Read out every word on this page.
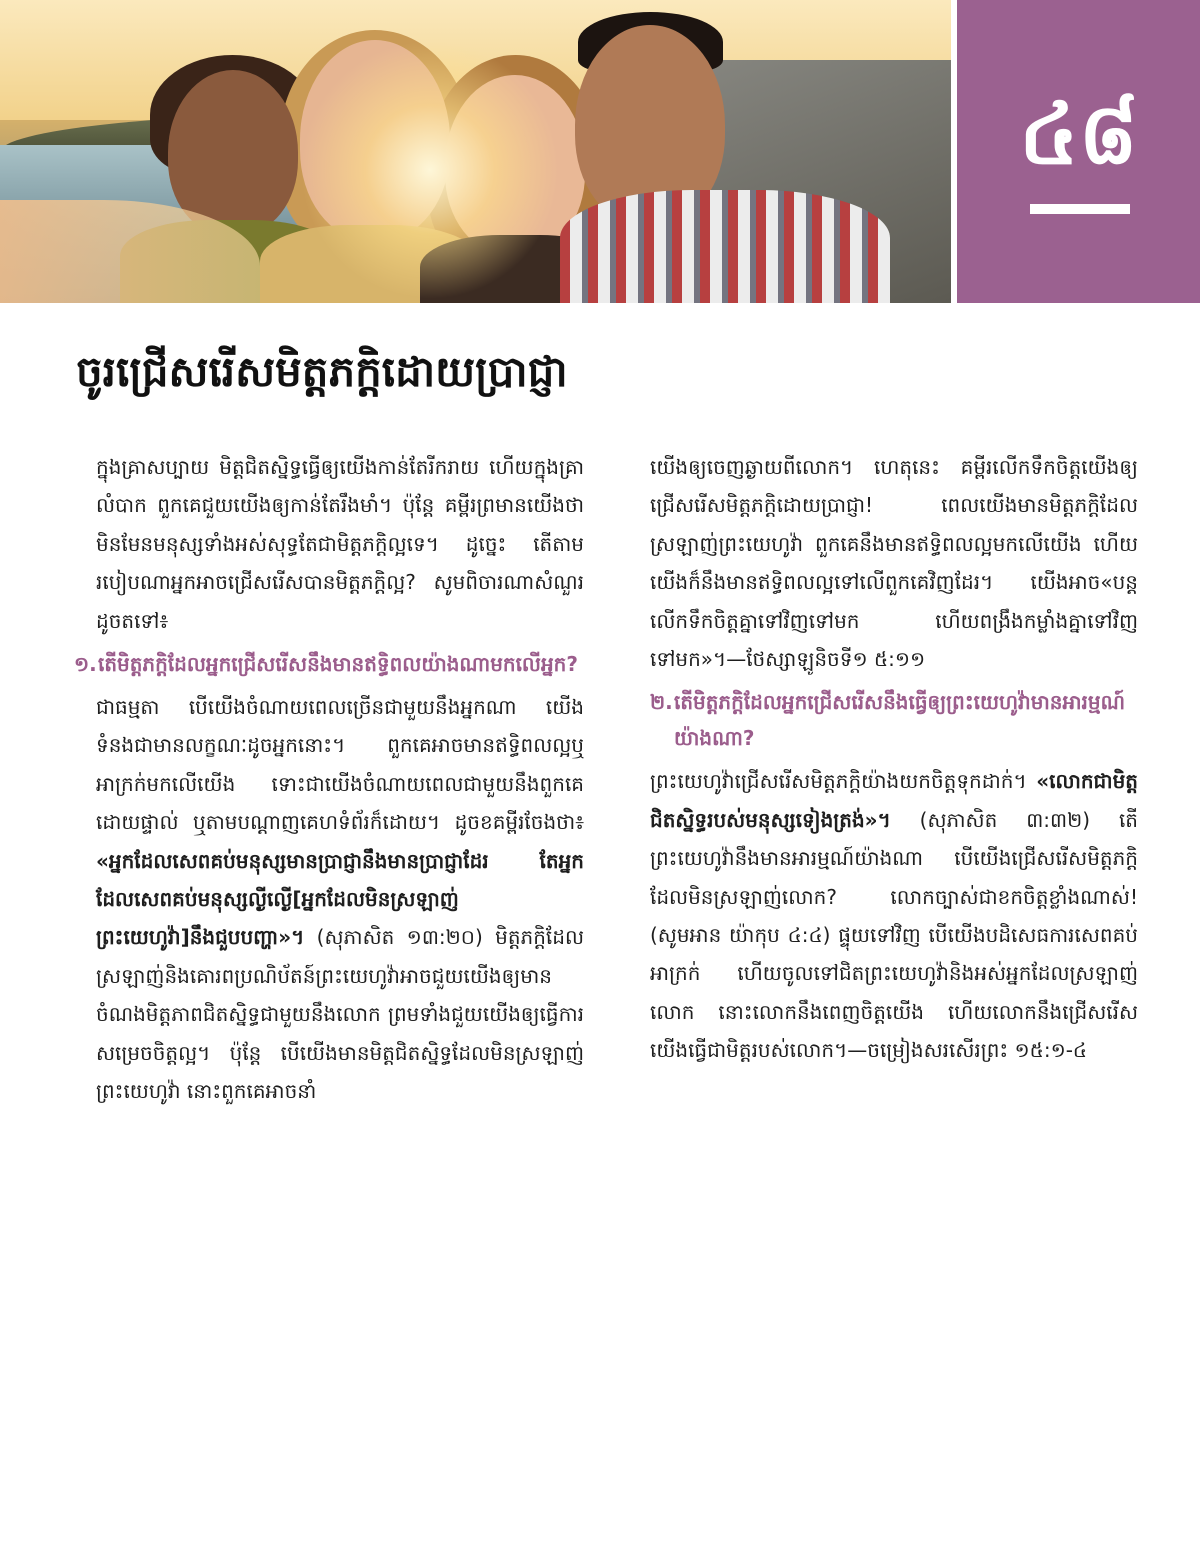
៤៨
ចូរជ្រើសរើសមិត្តភក្ដិដោយប្រាជ្ញា

ក្នុងគ្រាសប្បាយ មិត្តជិតស្និទ្ធធ្វើឲ្យយើងកាន់តែរីករាយ ហើយក្នុងគ្រាលំបាក ពួកគេជួយយើងឲ្យកាន់តែរឹងមាំ។ ប៉ុន្តែ គម្ពីរព្រមានយើងថាមិនមែនមនុស្សទាំងអស់សុទ្ធតែជាមិត្តភក្ដិល្អទេ។ ដូច្នេះ តើតាមរបៀបណាអ្នកអាចជ្រើសរើសបានមិត្តភក្ដិល្អ? សូមពិចារណាសំណួរដូចតទៅ៖

១. តើមិត្តភក្ដិដែលអ្នកជ្រើសរើសនឹងមានឥទ្ធិពលយ៉ាងណាមកលើអ្នក?

ជាធម្មតា បើយើងចំណាយពេលច្រើនជាមួយនឹងអ្នកណា យើងទំនងជាមានលក្ខណៈដូចអ្នកនោះ។ ពួកគេអាចមានឥទ្ធិពលល្អឬអាក្រក់មកលើយើង ទោះជាយើងចំណាយពេលជាមួយនឹងពួកគេដោយផ្ទាល់ ឬតាមបណ្ដាញគេហទំព័រក៏ដោយ។ ដូចខគម្ពីរចែងថា៖ «អ្នកដែលសេពគប់មនុស្សមានប្រាជ្ញានឹងមានប្រាជ្ញាដែរ តែអ្នកដែលសេពគប់មនុស្សល្ងីល្ងើ[អ្នកដែលមិនស្រឡាញ់ព្រះយេហូវ៉ា]នឹងជួបបញ្ហា»។ (សុភាសិត ១៣:២០) មិត្តភក្ដិដែលស្រឡាញ់និងគោរពប្រណិប័តន៍ព្រះយេហូវ៉ាអាចជួយយើងឲ្យមានចំណងមិត្តភាពជិតស្និទ្ធជាមួយនឹងលោក ព្រមទាំងជួយយើងឲ្យធ្វើការសម្រេចចិត្តល្អ។ ប៉ុន្តែ បើយើងមានមិត្តជិតស្និទ្ធដែលមិនស្រឡាញ់ព្រះយេហូវ៉ា នោះពួកគេអាចនាំ

យើងឲ្យចេញឆ្ងាយពីលោក។ ហេតុនេះ គម្ពីរលើកទឹកចិត្តយើងឲ្យជ្រើសរើសមិត្តភក្ដិដោយប្រាជ្ញា! ពេលយើងមានមិត្តភក្ដិដែលស្រឡាញ់ព្រះយេហូវ៉ា ពួកគេនឹងមានឥទ្ធិពលល្អមកលើយើង ហើយយើងក៏នឹងមានឥទ្ធិពលល្អទៅលើពួកគេវិញដែរ។ យើងអាច«បន្តលើកទឹកចិត្តគ្នាទៅវិញទៅមក ហើយពង្រឹងកម្លាំងគ្នាទៅវិញទៅមក»។—ថែស្សាឡូនិចទី១ ៥:១១

២. តើមិត្តភក្ដិដែលអ្នកជ្រើសរើសនឹងធ្វើឲ្យព្រះយេហូវ៉ាមានអារម្មណ៍យ៉ាងណា?

ព្រះយេហូវ៉ាជ្រើសរើសមិត្តភក្ដិយ៉ាងយកចិត្តទុកដាក់។ «លោកជាមិត្តជិតស្និទ្ធរបស់មនុស្សទៀងត្រង់»។ (សុភាសិត ៣:៣២) តើព្រះយេហូវ៉ានឹងមានអារម្មណ៍យ៉ាងណា បើយើងជ្រើសរើសមិត្តភក្ដិដែលមិនស្រឡាញ់លោក? លោកច្បាស់ជាខកចិត្តខ្លាំងណាស់! (សូមអាន យ៉ាកុប ៤:៤) ផ្ទុយទៅវិញ បើយើងបដិសេធការសេពគប់អាក្រក់ ហើយចូលទៅជិតព្រះយេហូវ៉ានិងអស់អ្នកដែលស្រឡាញ់លោក នោះលោកនឹងពេញចិត្តយើង ហើយលោកនឹងជ្រើសរើសយើងធ្វើជាមិត្តរបស់លោក។—ចម្រៀងសរសើរព្រះ ១៥:១-៤
